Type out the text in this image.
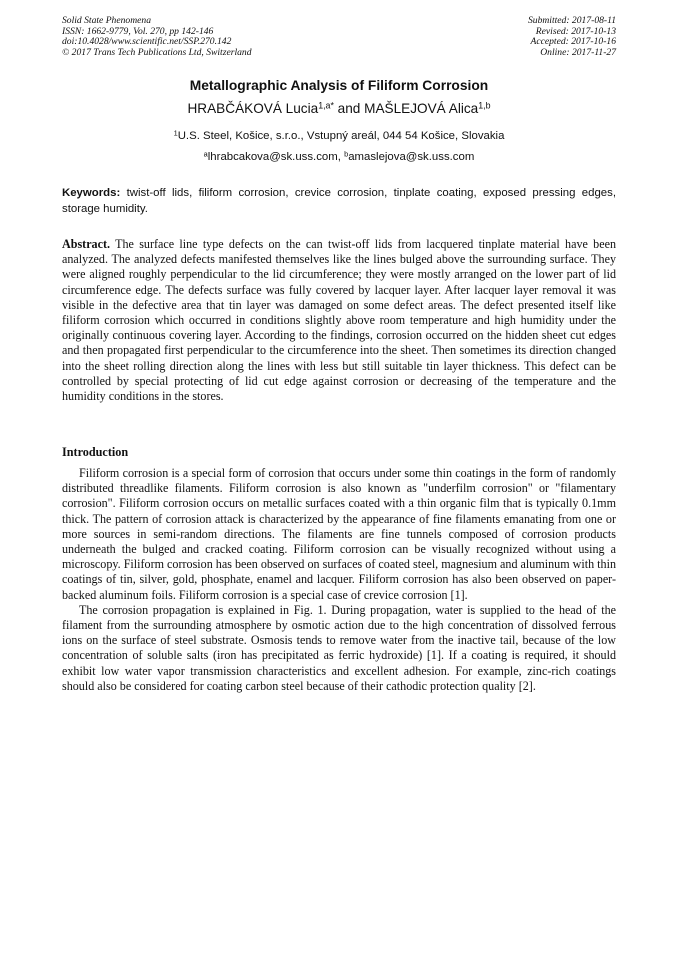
Solid State Phenomena
ISSN: 1662-9779, Vol. 270, pp 142-146
doi:10.4028/www.scientific.net/SSP.270.142
© 2017 Trans Tech Publications Ltd, Switzerland
Submitted: 2017-08-11
Revised: 2017-10-13
Accepted: 2017-10-16
Online: 2017-11-27
Metallographic Analysis of Filiform Corrosion
HRABČÁKOVÁ Lucia$^{1,a*}$ and MAŠLEJOVÁ Alica$^{1,b}$
$^1$U.S. Steel, Košice, s.r.o., Vstupný areál, 044 54 Košice, Slovakia
$^a$lhrabcakova@sk.uss.com, $^b$amaslejova@sk.uss.com
Keywords: twist-off lids, filiform corrosion, crevice corrosion, tinplate coating, exposed pressing edges, storage humidity.
Abstract. The surface line type defects on the can twist-off lids from lacquered tinplate material have been analyzed. The analyzed defects manifested themselves like the lines bulged above the surrounding surface. They were aligned roughly perpendicular to the lid circumference; they were mostly arranged on the lower part of lid circumference edge. The defects surface was fully covered by lacquer layer. After lacquer layer removal it was visible in the defective area that tin layer was damaged on some defect areas. The defect presented itself like filiform corrosion which occurred in conditions slightly above room temperature and high humidity under the originally continuous covering layer. According to the findings, corrosion occurred on the hidden sheet cut edges and then propagated first perpendicular to the circumference into the sheet. Then sometimes its direction changed into the sheet rolling direction along the lines with less but still suitable tin layer thickness. This defect can be controlled by special protecting of lid cut edge against corrosion or decreasing of the temperature and the humidity conditions in the stores.
Introduction

Filiform corrosion is a special form of corrosion that occurs under some thin coatings in the form of randomly distributed threadlike filaments. Filiform corrosion is also known as "underfilm corrosion" or "filamentary corrosion". Filiform corrosion occurs on metallic surfaces coated with a thin organic film that is typically 0.1mm thick. The pattern of corrosion attack is characterized by the appearance of fine filaments emanating from one or more sources in semi-random directions. The filaments are fine tunnels composed of corrosion products underneath the bulged and cracked coating. Filiform corrosion can be visually recognized without using a microscopy. Filiform corrosion has been observed on surfaces of coated steel, magnesium and aluminum with thin coatings of tin, silver, gold, phosphate, enamel and lacquer. Filiform corrosion has also been observed on paper-backed aluminum foils. Filiform corrosion is a special case of crevice corrosion [1].

The corrosion propagation is explained in Fig. 1. During propagation, water is supplied to the head of the filament from the surrounding atmosphere by osmotic action due to the high concentration of dissolved ferrous ions on the surface of steel substrate. Osmosis tends to remove water from the inactive tail, because of the low concentration of soluble salts (iron has precipitated as ferric hydroxide) [1]. If a coating is required, it should exhibit low water vapor transmission characteristics and excellent adhesion. For example, zinc-rich coatings should also be considered for coating carbon steel because of their cathodic protection quality [2].
